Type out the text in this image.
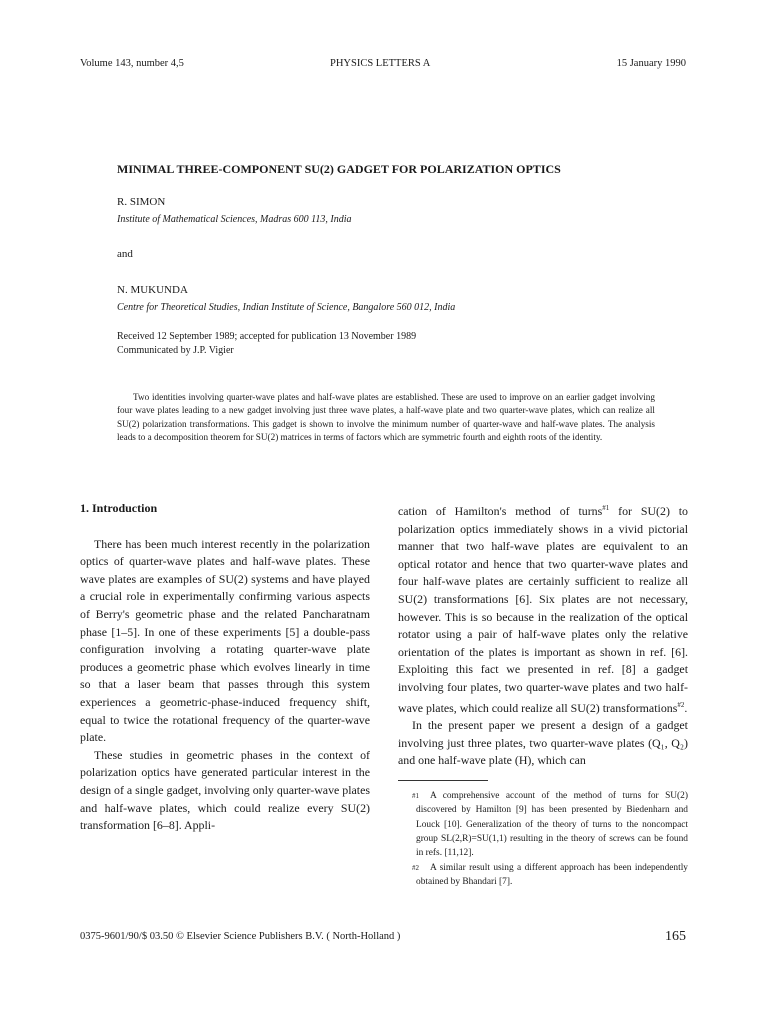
Volume 143, number 4,5	PHYSICS LETTERS A	15 January 1990
MINIMAL THREE-COMPONENT SU(2) GADGET FOR POLARIZATION OPTICS
R. SIMON
Institute of Mathematical Sciences, Madras 600 113, India
and
N. MUKUNDA
Centre for Theoretical Studies, Indian Institute of Science, Bangalore 560 012, India
Received 12 September 1989; accepted for publication 13 November 1989
Communicated by J.P. Vigier

Two identities involving quarter-wave plates and half-wave plates are established. These are used to improve on an earlier gadget involving four wave plates leading to a new gadget involving just three wave plates, a half-wave plate and two quarter-wave plates, which can realize all SU(2) polarization transformations. This gadget is shown to involve the minimum number of quarter-wave and half-wave plates. The analysis leads to a decomposition theorem for SU(2) matrices in terms of factors which are symmetric fourth and eighth roots of the identity.

1. Introduction

There has been much interest recently in the polarization optics of quarter-wave plates and half-wave plates. These wave plates are examples of SU(2) systems and have played a crucial role in experimentally confirming various aspects of Berry's geometric phase and the related Pancharatnam phase [1–5]. In one of these experiments [5] a double-pass configuration involving a rotating quarter-wave plate produces a geometric phase which evolves linearly in time so that a laser beam that passes through this system experiences a geometric-phase-induced frequency shift, equal to twice the rotational frequency of the quarter-wave plate.

These studies in geometric phases in the context of polarization optics have generated particular interest in the design of a single gadget, involving only quarter-wave plates and half-wave plates, which could realize every SU(2) transformation [6–8]. Appli-

cation of Hamilton's method of turns$^{\#1}$ for SU(2) to polarization optics immediately shows in a vivid pictorial manner that two half-wave plates are equivalent to an optical rotator and hence that two quarter-wave plates and four half-wave plates are certainly sufficient to realize all SU(2) transformations [6]. Six plates are not necessary, however. This is so because in the realization of the optical rotator using a pair of half-wave plates only the relative orientation of the plates is important as shown in ref. [6]. Exploiting this fact we presented in ref. [8] a gadget involving four plates, two quarter-wave plates and two half-wave plates, which could realize all SU(2) transformations$^{\#2}$.

In the present paper we present a design of a gadget involving just three plates, two quarter-wave plates (Q₁, Q₂) and one half-wave plate (H), which can

#1 A comprehensive account of the method of turns for SU(2) discovered by Hamilton [9] has been presented by Biedenharn and Louck [10]. Generalization of the theory of turns to the noncompact group SL(2,R)=SU(1,1) resulting in the theory of screws can be found in refs. [11,12].

#2 A similar result using a different approach has been independently obtained by Bhandari [7].

0375-9601/90/$ 03.50 © Elsevier Science Publishers B.V. ( North-Holland )	165
